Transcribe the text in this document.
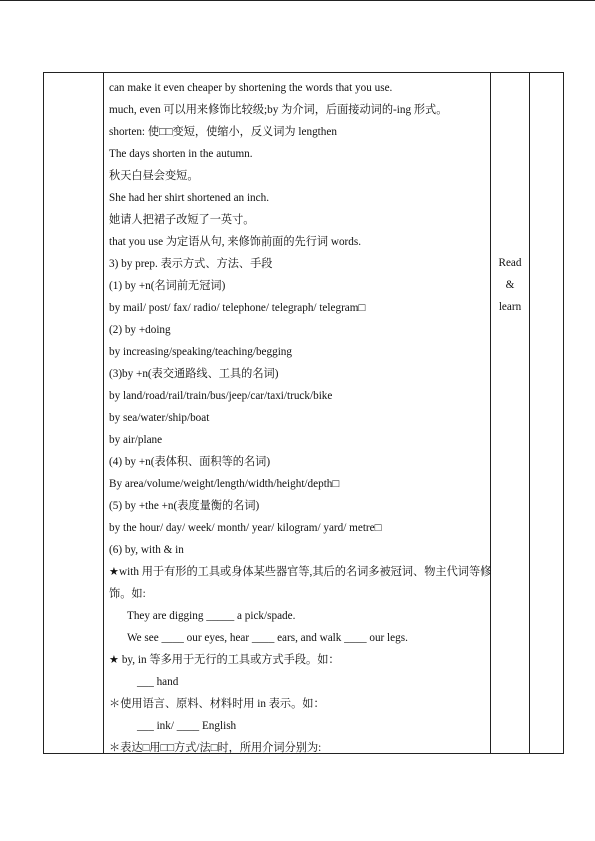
can make it even cheaper by shortening the words that you use.
much, even 可以用来修饰比较级;by 为介词，后面接动词的-ing 形式。
shorten: 使□□变短，使缩小，反义词为 lengthen
The days shorten in the autumn.
秋天白昼会变短。
She had her shirt shortened an inch.
她请人把裙子改短了一英寸。
that you use 为定语从句, 来修饰前面的先行词 words.
3) by prep. 表示方式、方法、手段
(1) by +n(名词前无冠词)
by mail/ post/ fax/ radio/ telephone/ telegraph/ telegram□
(2) by +doing
by increasing/speaking/teaching/begging
(3)by +n(表交通路线、工具的名词)
by land/road/rail/train/bus/jeep/car/taxi/truck/bike
by sea/water/ship/boat
by air/plane
(4) by +n(表体积、面积等的名词)
By area/volume/weight/length/width/height/depth□
(5) by +the +n(表度量衡的名词)
by the hour/ day/ week/ month/ year/ kilogram/ yard/ metre□
(6) by, with & in
★with 用于有形的工具或身体某些器官等,其后的名词多被冠词、物主代词等修饰。如:
They are digging _____ a pick/spade.
We see ____ our eyes, hear ____ ears, and walk ____ our legs.
★ by, in 等多用于无行的工具或方式手段。如：
___ hand
＊使用语言、原料、材料时用 in 表示。如：
___ ink/ ____ English
＊表达□用□□方式/法□时，所用介词分别为:
Read
&
learn
